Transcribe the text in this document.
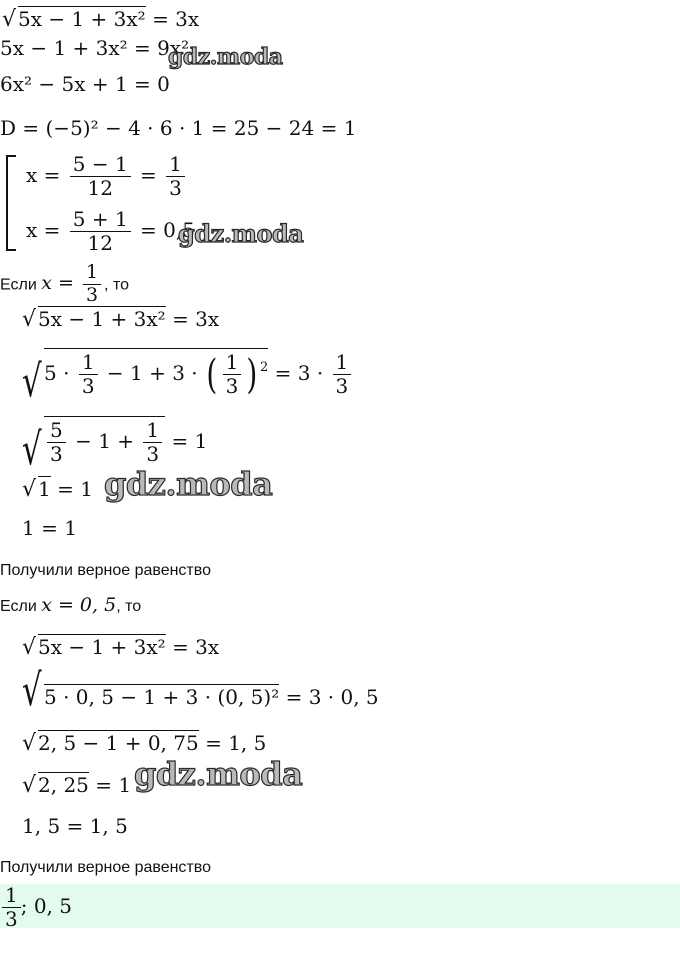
√ 5x − 1 + 3x² = 3x
5x − 1 + 3x² = 9x²
gdz.moda
6x² − 5x + 1 = 0
D = (−5)² − 4 · 6 · 1 = 25 − 24 = 1
$x = \frac{5 - 1}{12} = \frac{1}{3}$
$x = \frac{5 + 1}{12} = 0,5$
gdz.moda
Если $x = \frac{1}{3}$ , то
√ 5x − 1 + 3x² = 3x
√ $5 \cdot \frac{1}{3} - 1 + 3$ · ( $\frac{1}{3}$ ) $^2 = 3 \cdot \frac{1}{3}$
√ $\frac{5}{3} - 1 + \frac{1}{3} = 1$
√ 1 = 1 gdz.moda
1 = 1
Получили верное равенство
Если x = 0, 5, то
√ 5x − 1 + 3x² = 3x
√ 5 · 0, 5 − 1 + 3 · (0, 5)² = 3 · 0, 5
√ 2, 5 − 1 + 0, 75 = 1, 5
√ 2, 25 = 1 gdz.moda
1, 5 = 1, 5
Получили верное равенство
$\frac{1}{3}$ ; 0, 5
